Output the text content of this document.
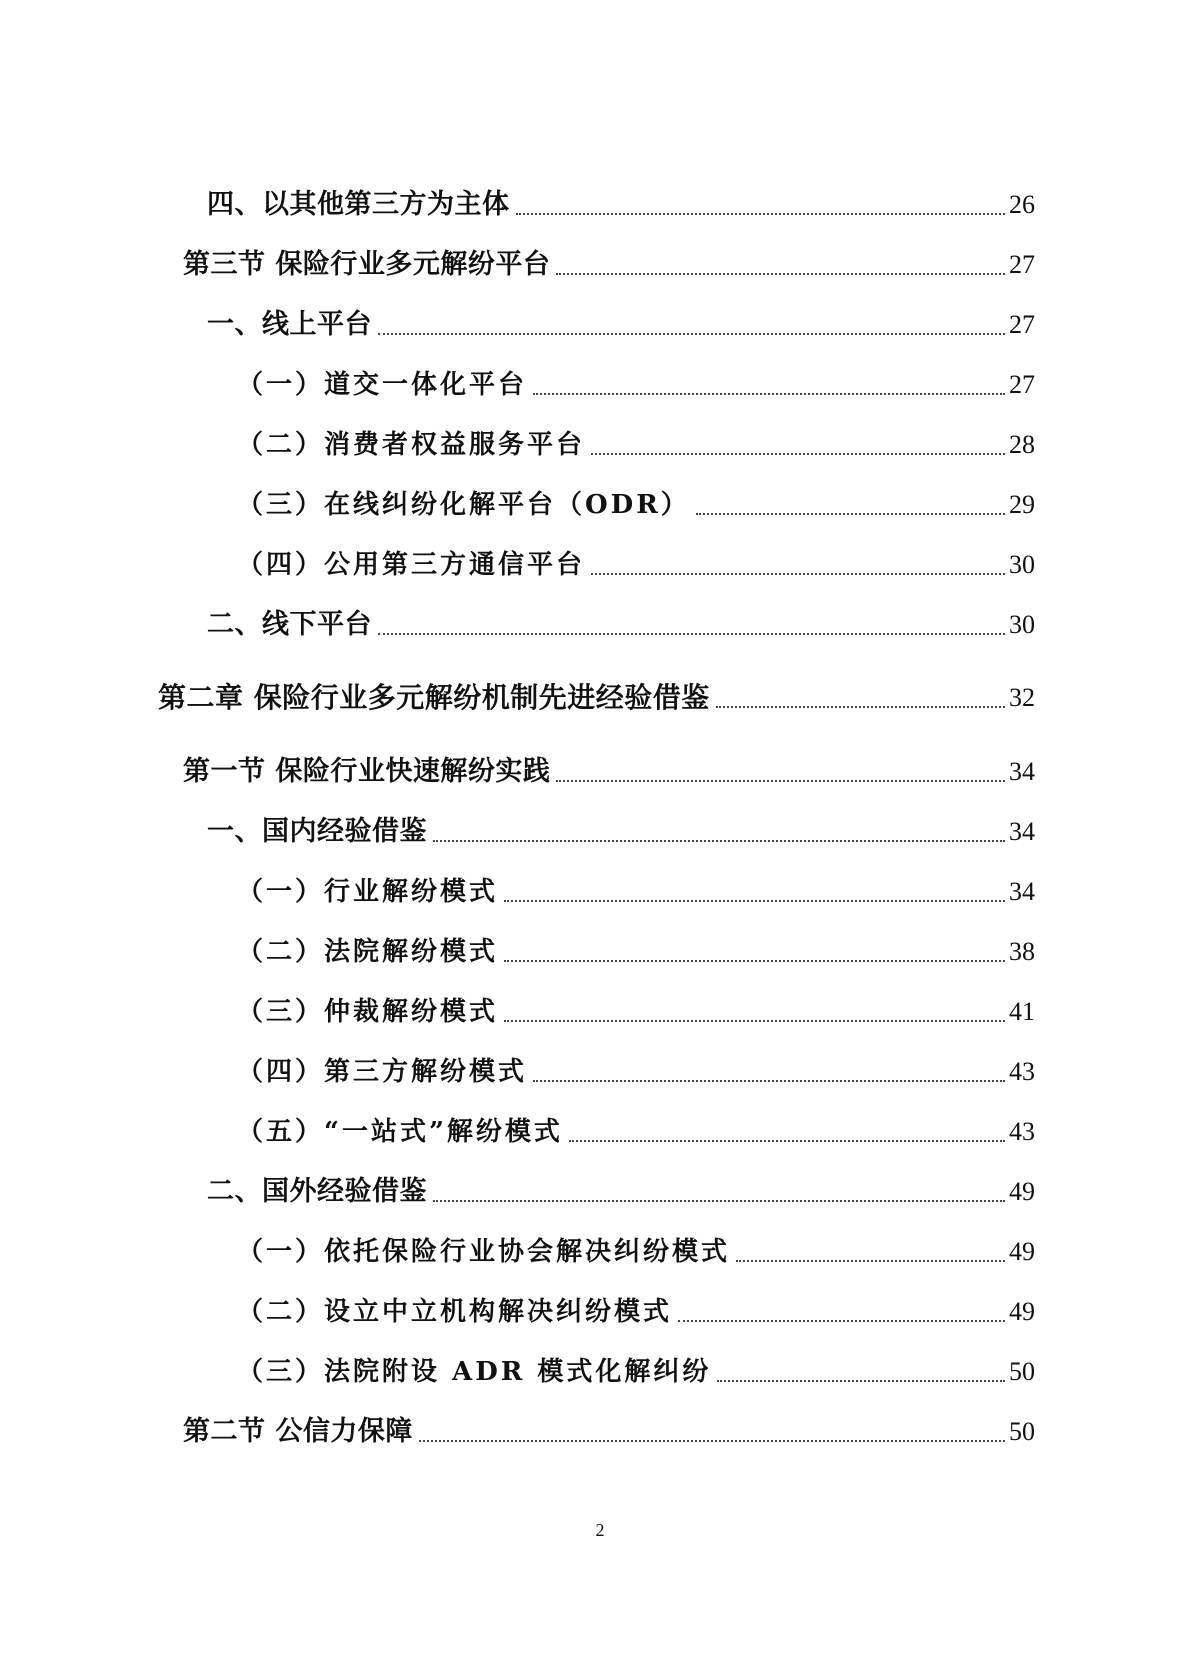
四、以其他第三方为主体	26
第三节 保险行业多元解纷平台	27
一、线上平台	27
（一）道交一体化平台	27
（二）消费者权益服务平台	28
（三）在线纠纷化解平台（ODR）	29
（四）公用第三方通信平台	30
二、线下平台	30
第二章 保险行业多元解纷机制先进经验借鉴	32
第一节 保险行业快速解纷实践	34
一、国内经验借鉴	34
（一）行业解纷模式	34
（二）法院解纷模式	38
（三）仲裁解纷模式	41
（四）第三方解纷模式	43
（五）“一站式”解纷模式	43
二、国外经验借鉴	49
（一）依托保险行业协会解决纠纷模式	49
（二）设立中立机构解决纠纷模式	49
（三）法院附设 ADR 模式化解纠纷	50
第二节 公信力保障	50
2
